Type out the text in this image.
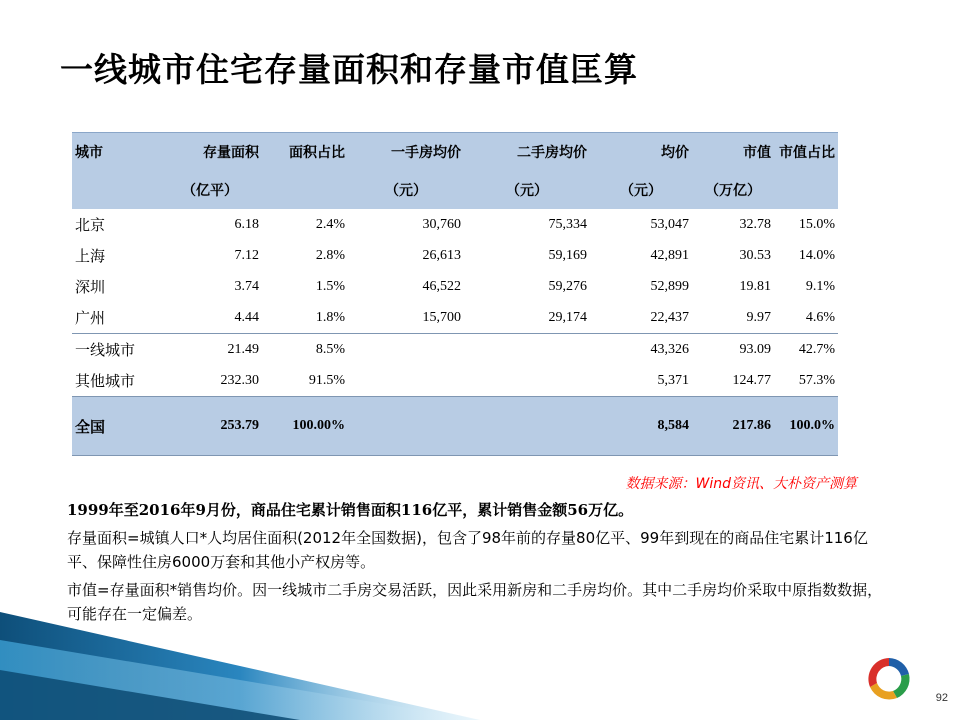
一线城市住宅存量面积和存量市值匡算
城市	存量面积	面积占比	一手房均价	二手房均价	均价	市值	市值占比
	（亿平）		（元）	（元）	（元）	（万亿）	
北京	6.18	2.4%	30,760	75,334	53,047	32.78	15.0%
上海	7.12	2.8%	26,613	59,169	42,891	30.53	14.0%
深圳	3.74	1.5%	46,522	59,276	52,899	19.81	9.1%
广州	4.44	1.8%	15,700	29,174	22,437	9.97	4.6%
一线城市	21.49	8.5%			43,326	93.09	42.7%
其他城市	232.30	91.5%			5,371	124.77	57.3%
全国	253.79	100.00%			8,584	217.86	100.0%
数据来源：Wind资讯、大朴资产测算

1999年至2016年9月份，商品住宅累计销售面积116亿平，累计销售金额56万亿。

存量面积=城镇人口*人均居住面积(2012年全国数据)，包含了98年前的存量80亿平、99年到现在的商品住宅累计116亿平、保障性住房6000万套和其他小产权房等。

市值=存量面积*销售均价。因一线城市二手房交易活跃，因此采用新房和二手房均价。其中二手房均价采取中原指数数据，可能存在一定偏差。

92
